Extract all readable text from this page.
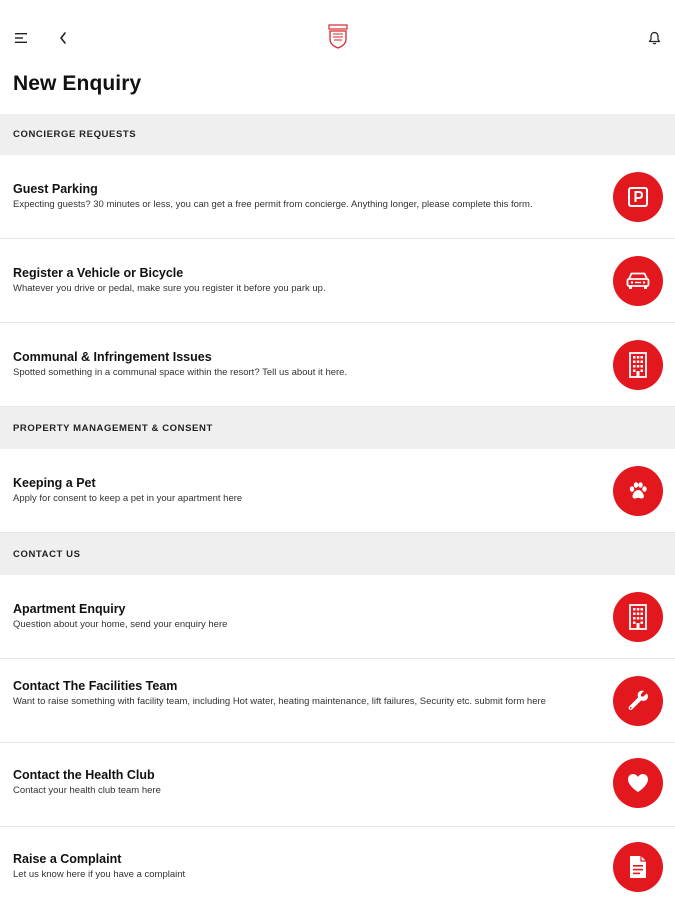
New Enquiry
CONCIERGE REQUESTS
Guest Parking
Expecting guests? 30 minutes or less, you can get a free permit from concierge. Anything longer, please complete this form.
Register a Vehicle or Bicycle
Whatever you drive or pedal, make sure you register it before you park up.
Communal & Infringement Issues
Spotted something in a communal space within the resort? Tell us about it here.
PROPERTY MANAGEMENT & CONSENT
Keeping a Pet
Apply for consent to keep a pet in your apartment here
CONTACT US
Apartment Enquiry
Question about your home, send your enquiry here
Contact The Facilities Team
Want to raise something with facility team, including Hot water, heating maintenance, lift failures, Security etc. submit form here
Contact the Health Club
Contact your health club team here
Raise a Complaint
Let us know here if you have a complaint
